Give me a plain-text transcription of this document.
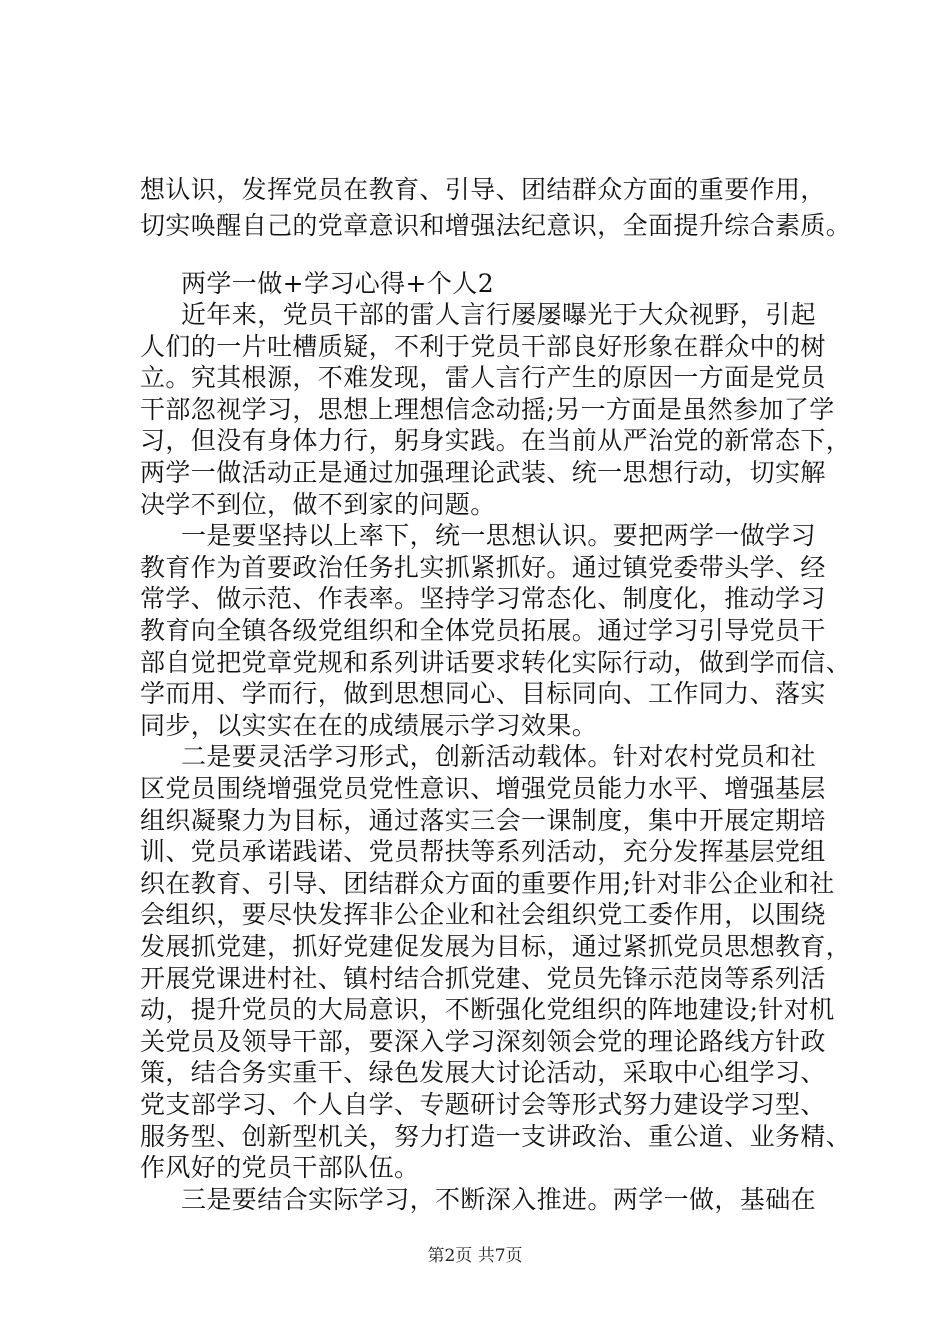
想认识，发挥党员在教育、引导、团结群众方面的重要作用，
切实唤醒自己的党章意识和增强法纪意识，全面提升综合素质。
两学一做+学习心得+个人2
近年来，党员干部的雷人言行屡屡曝光于大众视野，引起
人们的一片吐槽质疑，不利于党员干部良好形象在群众中的树
立。究其根源，不难发现，雷人言行产生的原因一方面是党员
干部忽视学习，思想上理想信念动摇;另一方面是虽然参加了学
习，但没有身体力行，躬身实践。在当前从严治党的新常态下，
两学一做活动正是通过加强理论武装、统一思想行动，切实解
决学不到位，做不到家的问题。
一是要坚持以上率下，统一思想认识。要把两学一做学习
教育作为首要政治任务扎实抓紧抓好。通过镇党委带头学、经
常学、做示范、作表率。坚持学习常态化、制度化，推动学习
教育向全镇各级党组织和全体党员拓展。通过学习引导党员干
部自觉把党章党规和系列讲话要求转化实际行动，做到学而信、
学而用、学而行，做到思想同心、目标同向、工作同力、落实
同步，以实实在在的成绩展示学习效果。
二是要灵活学习形式，创新活动载体。针对农村党员和社
区党员围绕增强党员党性意识、增强党员能力水平、增强基层
组织凝聚力为目标，通过落实三会一课制度，集中开展定期培
训、党员承诺践诺、党员帮扶等系列活动，充分发挥基层党组
织在教育、引导、团结群众方面的重要作用;针对非公企业和社
会组织，要尽快发挥非公企业和社会组织党工委作用，以围绕
发展抓党建，抓好党建促发展为目标，通过紧抓党员思想教育，
开展党课进村社、镇村结合抓党建、党员先锋示范岗等系列活
动，提升党员的大局意识，不断强化党组织的阵地建设;针对机
关党员及领导干部，要深入学习深刻领会党的理论路线方针政
策，结合务实重干、绿色发展大讨论活动，采取中心组学习、
党支部学习、个人自学、专题研讨会等形式努力建设学习型、
服务型、创新型机关，努力打造一支讲政治、重公道、业务精、
作风好的党员干部队伍。
三是要结合实际学习，不断深入推进。两学一做，基础在
第2页 共7页
